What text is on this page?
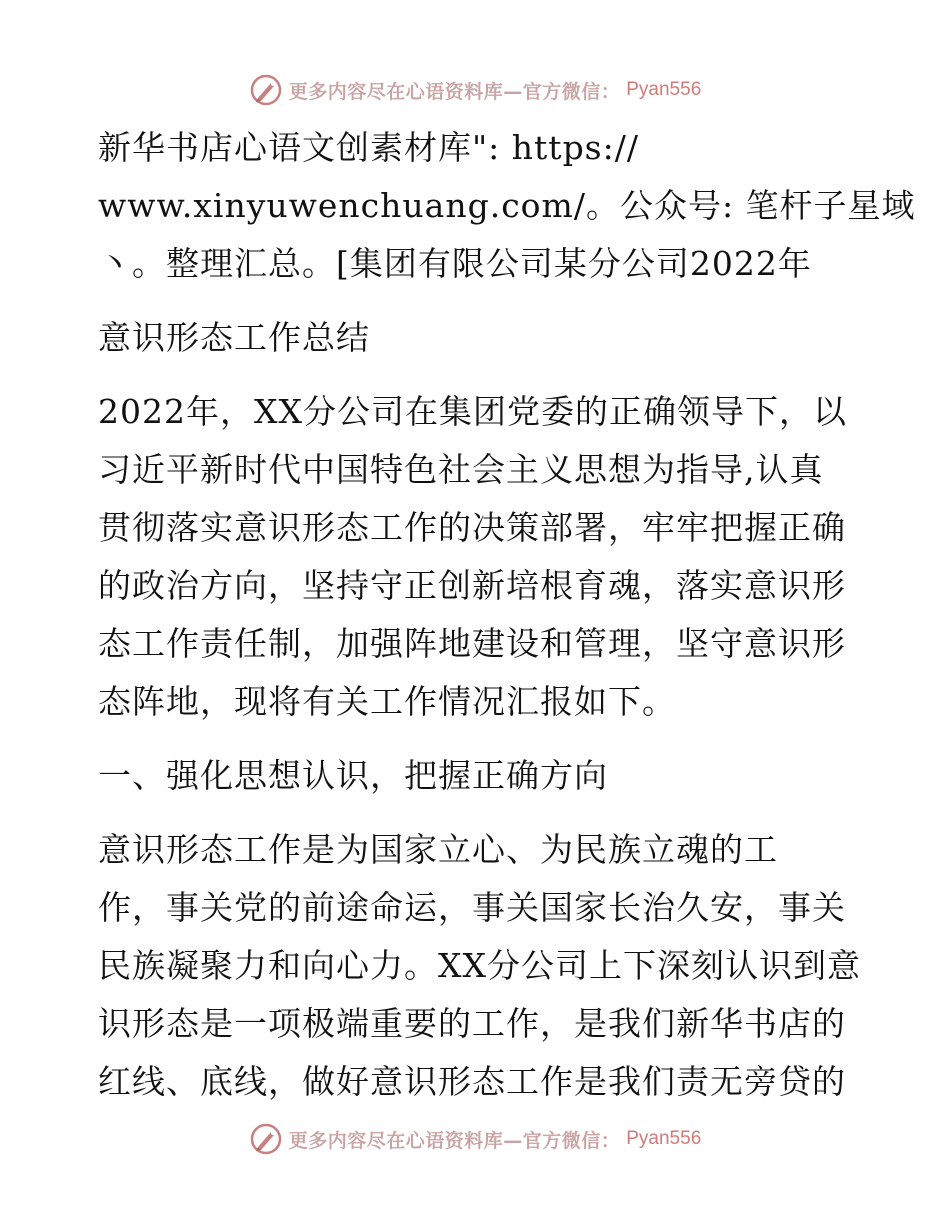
更多内容尽在心语资料库—官方微信： Pyan556
新华书店心语文创素材库": https://
www.xinyuwenchuang.com/。公众号: 笔杆子星域
丶。整理汇总。[集团有限公司某分公司2022年
意识形态工作总结
2022年，XX分公司在集团党委的正确领导下，以
习近平新时代中国特色社会主义思想为指导,认真
贯彻落实意识形态工作的决策部署，牢牢把握正确
的政治方向，坚持守正创新培根育魂，落实意识形
态工作责任制，加强阵地建设和管理，坚守意识形
态阵地，现将有关工作情况汇报如下。
一、强化思想认识，把握正确方向
意识形态工作是为国家立心、为民族立魂的工
作，事关党的前途命运，事关国家长治久安，事关
民族凝聚力和向心力。XX分公司上下深刻认识到意
识形态是一项极端重要的工作，是我们新华书店的
红线、底线，做好意识形态工作是我们责无旁贷的
更多内容尽在心语资料库—官方微信： Pyan556
